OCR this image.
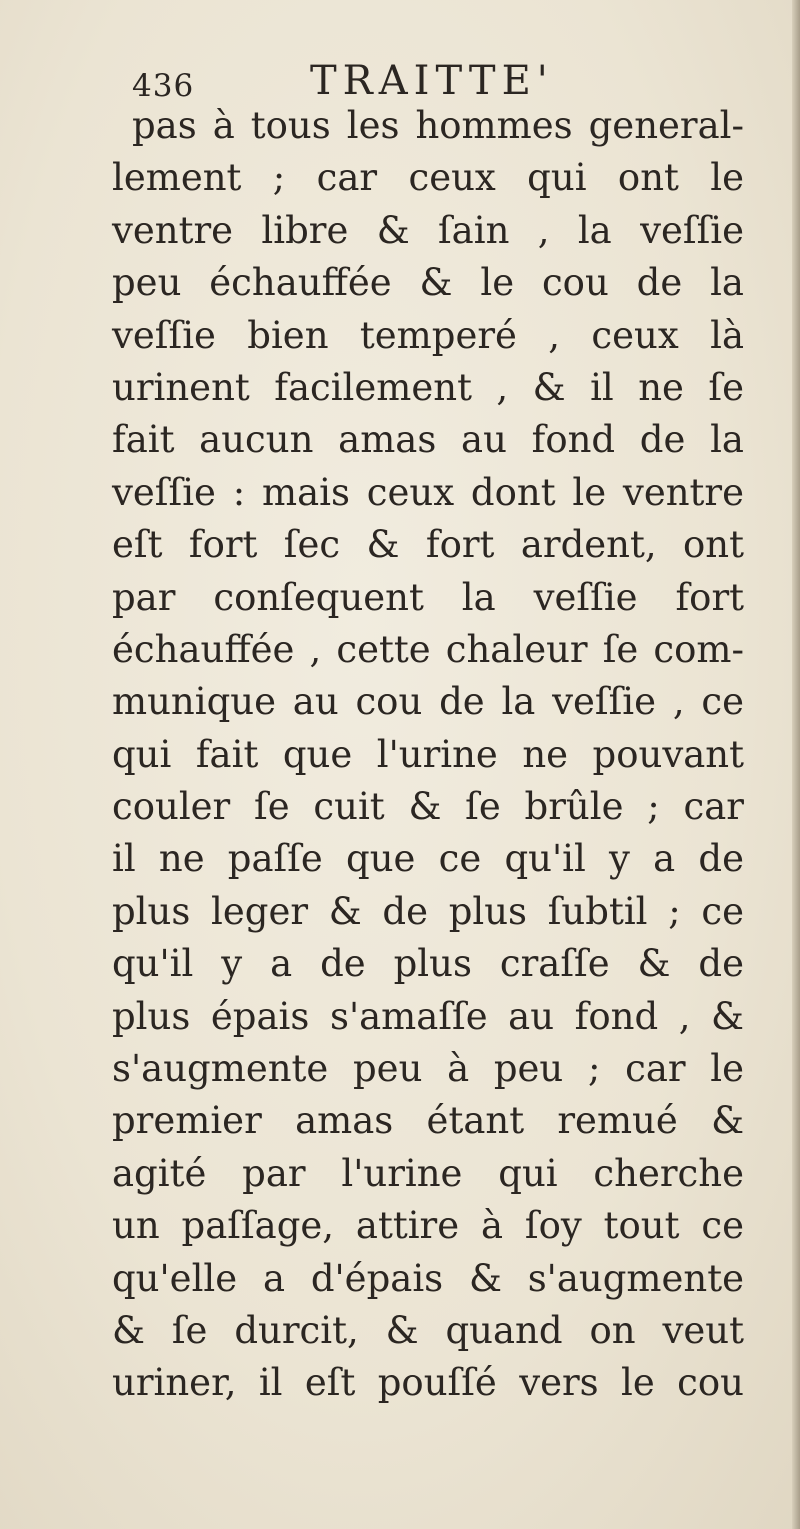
436	TRAITTE'
pas à tous les hommes general-
lement ; car ceux qui ont le
ventre libre & ſain , la veſſie
peu échauffée & le cou de la
veſſie bien temperé , ceux là
urinent facilement , & il ne ſe
fait aucun amas au fond de la
veſſie : mais ceux dont le ventre
eſt fort ſec & fort ardent, ont
par conſequent la veſſie fort
échauffée , cette chaleur ſe com-
munique au cou de la veſſie , ce
qui fait que l'urine ne pouvant
couler ſe cuit & ſe brûle ; car
il ne paſſe que ce qu'il y a de
plus leger & de plus ſubtil ; ce
qu'il y a de plus craſſe & de
plus épais s'amaſſe au fond , &
s'augmente peu à peu ; car le
premier amas étant remué &
agité par l'urine qui cherche
un paſſage, attire à ſoy tout ce
qu'elle a d'épais & s'augmente
& ſe durcit, & quand on veut
uriner, il eſt pouſſé vers le cou
